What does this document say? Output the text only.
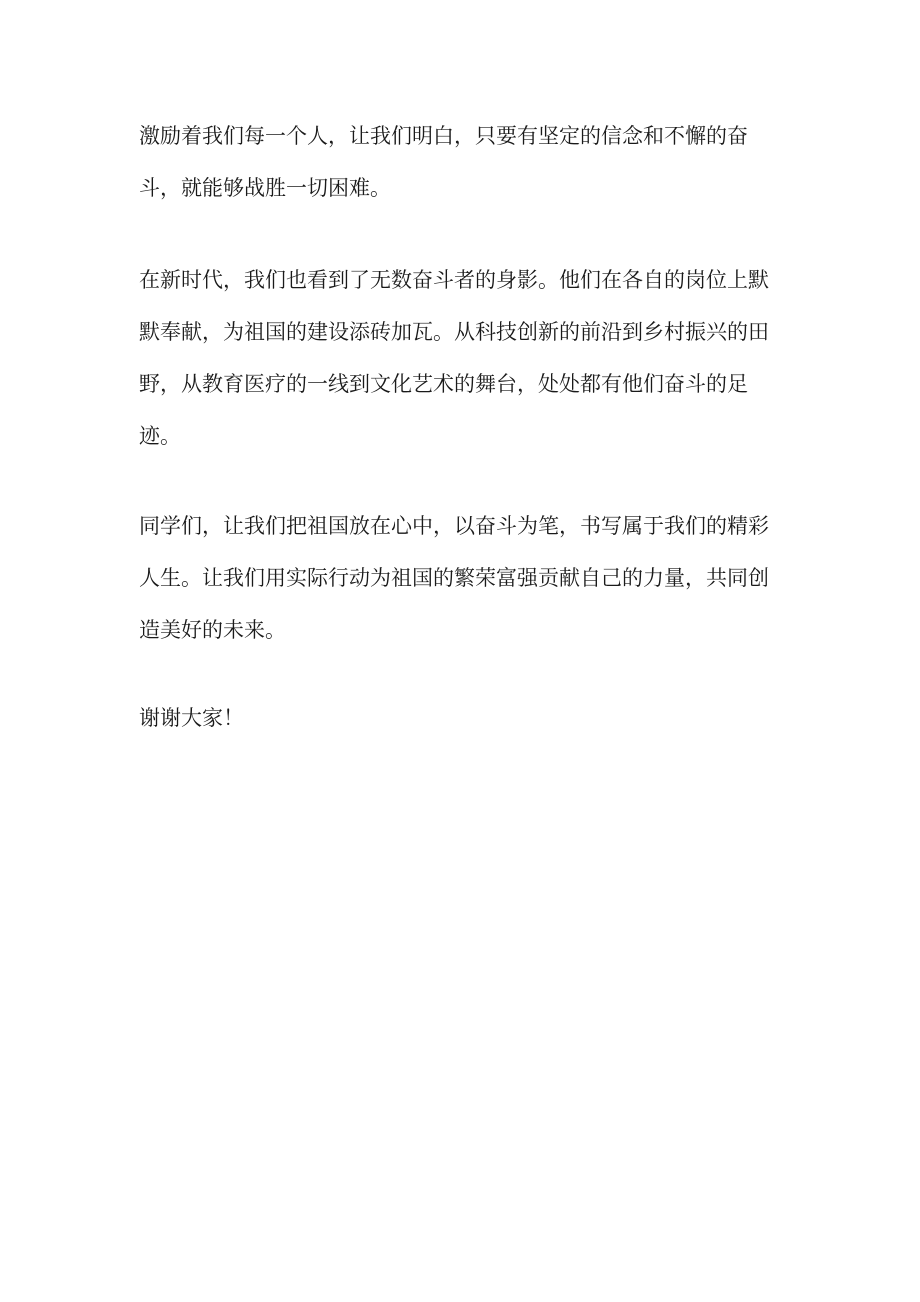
激励着我们每一个人，让我们明白，只要有坚定的信念和不懈的奋
斗，就能够战胜一切困难。
在新时代，我们也看到了无数奋斗者的身影。他们在各自的岗位上默
默奉献，为祖国的建设添砖加瓦。从科技创新的前沿到乡村振兴的田
野，从教育医疗的一线到文化艺术的舞台，处处都有他们奋斗的足
迹。
同学们，让我们把祖国放在心中，以奋斗为笔，书写属于我们的精彩
人生。让我们用实际行动为祖国的繁荣富强贡献自己的力量，共同创
造美好的未来。
谢谢大家！
